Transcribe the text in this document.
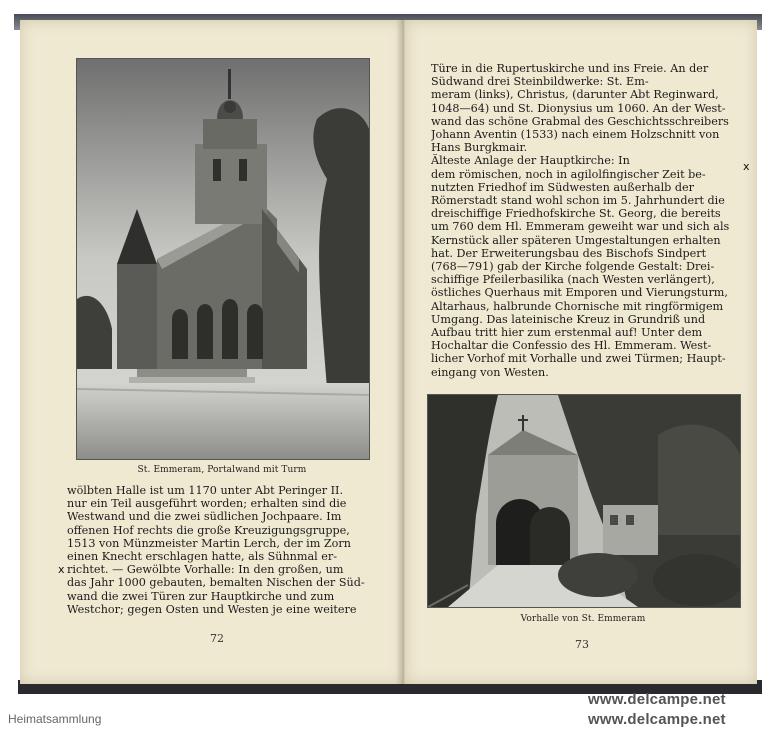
St. Emmeram, Portalwand mit Turm
wölbten Halle ist um 1170 unter Abt Peringer II.
nur ein Teil ausgeführt worden; erhalten sind die
Westwand und die zwei südlichen Jochpaare. Im
offenen Hof rechts die große Kreuzigungsgruppe,
1513 von Münzmeister Martin Lerch, der im Zorn
einen Knecht erschlagen hatte, als Sühnmal er-
richtet. — Gewölbte Vorhalle: In den großen, um
das Jahr 1000 gebauten, bemalten Nischen der Süd-
wand die zwei Türen zur Hauptkirche und zum
Westchor; gegen Osten und Westen je eine weitere
x
72
Türe in die Rupertuskirche und ins Freie. An der
Südwand drei Steinbildwerke: St. Em-
meram (links), Christus, (darunter Abt Reginward,
1048—64) und St. Dionysius um 1060. An der West-
wand das schöne Grabmal des Geschichtsschreibers
Johann Aventin (1533) nach einem Holzschnitt von
Hans Burgkmair.
Älteste Anlage der Hauptkirche: In
dem römischen, noch in agilolfingischer Zeit be-
nutzten Friedhof im Südwesten außerhalb der
Römerstadt stand wohl schon im 5. Jahrhundert die
dreischiffige Friedhofskirche St. Georg, die bereits
um 760 dem Hl. Emmeram geweiht war und sich als
Kernstück aller späteren Umgestaltungen erhalten
hat. Der Erweiterungsbau des Bischofs Sindpert
(768—791) gab der Kirche folgende Gestalt: Drei-
schiffige Pfeilerbasilika (nach Westen verlängert),
östliches Querhaus mit Emporen und Vierungsturm,
Altarhaus, halbrunde Chornische mit ringförmigem
Umgang. Das lateinische Kreuz in Grundriß und
Aufbau tritt hier zum erstenmal auf! Unter dem
Hochaltar die Confessio des Hl. Emmeram. West-
licher Vorhof mit Vorhalle und zwei Türmen; Haupt-
eingang von Westen.
x
Vorhalle von St. Emmeram
73
www.delcampe.net
Heimatsammlung	www.delcampe.net
